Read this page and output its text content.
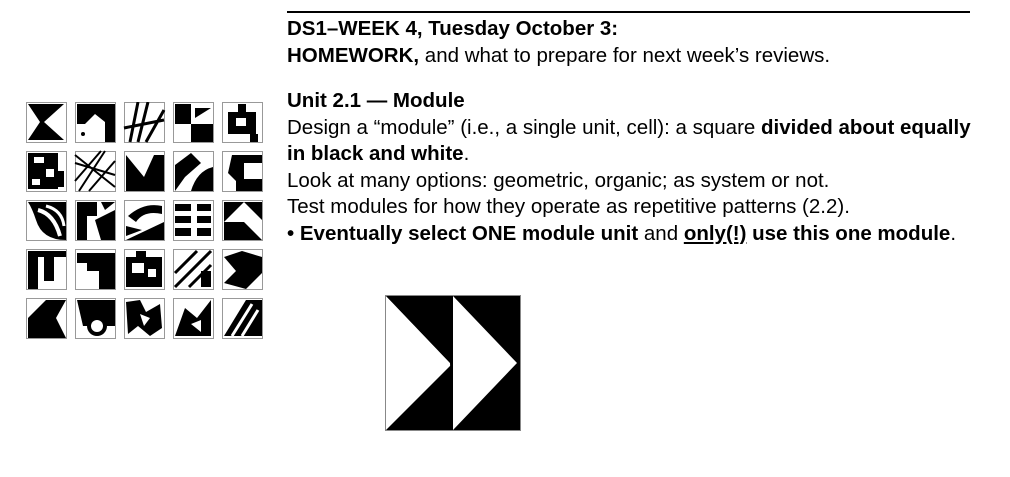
DS1–WEEK 4, Tuesday October 3:

HOMEWORK, and what to prepare for next week’s reviews.

Unit 2.1 — Module

Design a “module” (i.e., a single unit, cell): a square divided about equally in black and white.

Look at many options: geometric, organic; as system or not.

Test modules for how they operate as repetitive patterns (2.2).

• Eventually select ONE module unit and only(!) use this one module.
